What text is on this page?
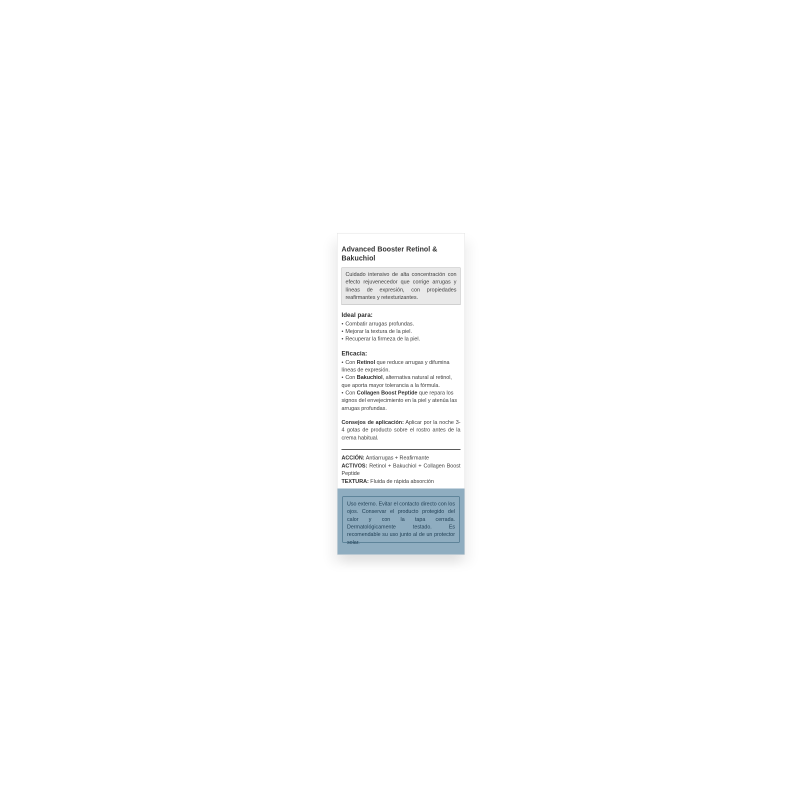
Advanced Booster Retinol & Bakuchiol
Cuidado intensivo de alta concentración con efecto rejuvenecedor que corrige arrugas y líneas de expresión, con propiedades reafirmantes y retexturizantes.
Ideal para:
• Combatir arrugas profundas.
• Mejorar la textura de la piel.
• Recuperar la firmeza de la piel.
Eficacia:
• Con Retinol que reduce arrugas y difumina líneas de expresión.
• Con Bakuchiol, alternativa natural al retinol, que aporta mayor tolerancia a la fórmula.
• Con Collagen Boost Peptide que repara los signos del envejecimiento en la piel y atenúa las arrugas profundas.

Consejos de aplicación: Aplicar por la noche 3-4 gotas de producto sobre el rostro antes de la crema habitual.

ACCIÓN: Antiarrugas + Reafirmante

ACTIVOS: Retinol + Bakuchiol + Collagen Boost Peptide

TEXTURA: Fluida de rápida absorción

Uso externo. Evitar el contacto directo con los ojos. Conservar el producto protegido del calor y con la tapa cerrada. Dermatológicamente testado. Es recomendable su uso junto al de un protector solar.
